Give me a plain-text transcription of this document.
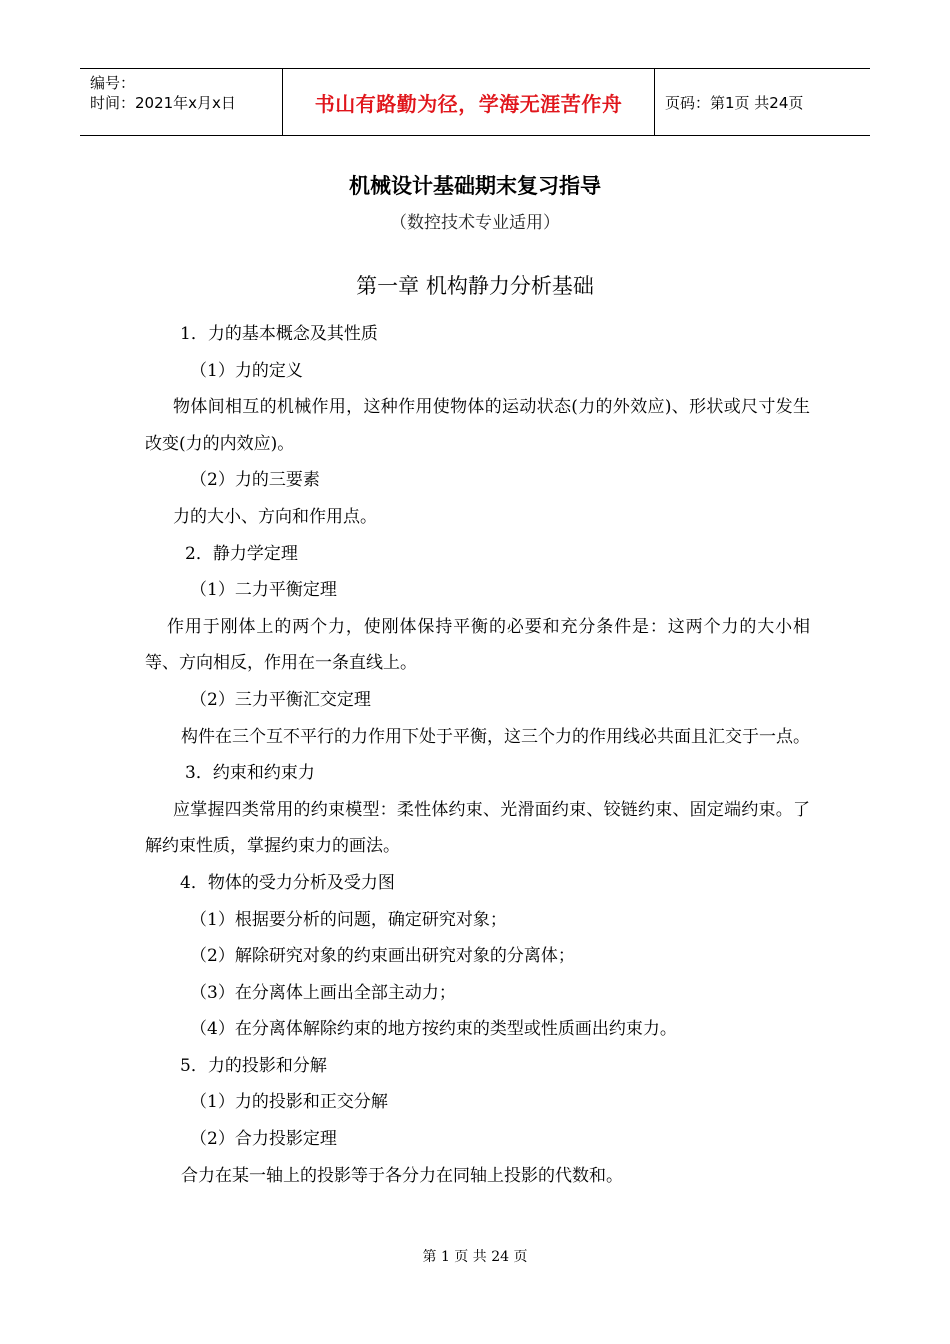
编号：
时间：2021年x月x日	书山有路勤为径，学海无涯苦作舟	页码：第1页 共24页
机械设计基础期末复习指导
（数控技术专业适用）
第一章 机构静力分析基础
1．力的基本概念及其性质
（1）力的定义
物体间相互的机械作用，这种作用使物体的运动状态(力的外效应)、形状或尺寸发生改变(力的内效应)。
（2）力的三要素
力的大小、方向和作用点。
2．静力学定理
（1）二力平衡定理
作用于刚体上的两个力，使刚体保持平衡的必要和充分条件是：这两个力的大小相等、方向相反，作用在一条直线上。
（2）三力平衡汇交定理
构件在三个互不平行的力作用下处于平衡，这三个力的作用线必共面且汇交于一点。
3．约束和约束力
应掌握四类常用的约束模型：柔性体约束、光滑面约束、铰链约束、固定端约束。了解约束性质，掌握约束力的画法。
4．物体的受力分析及受力图
（1）根据要分析的问题，确定研究对象；
（2）解除研究对象的约束画出研究对象的分离体；
（3）在分离体上画出全部主动力；
（4）在分离体解除约束的地方按约束的类型或性质画出约束力。
5．力的投影和分解
（1）力的投影和正交分解
（2）合力投影定理
合力在某一轴上的投影等于各分力在同轴上投影的代数和。
第 1 页 共 24 页
